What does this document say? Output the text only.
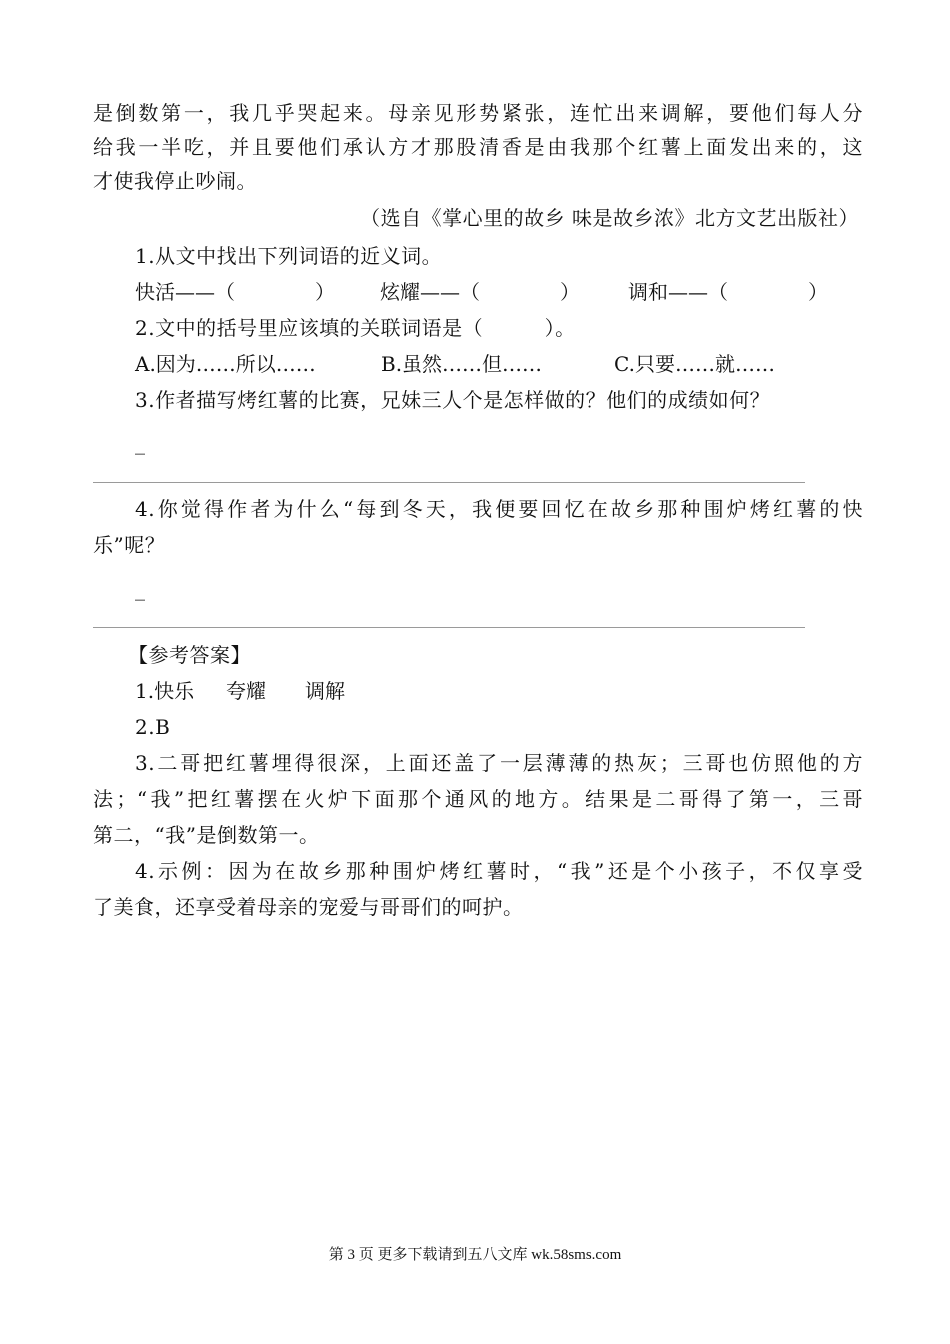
是倒数第一，我几乎哭起来。母亲见形势紧张，连忙出来调解，要他们每人分
给我一半吃，并且要他们承认方才那股清香是由我那个红薯上面发出来的，这
才使我停止吵闹。
（选自《掌心里的故乡 味是故乡浓》北方文艺出版社）
1.从文中找出下列词语的近义词。
快活——（　　　　） 炫耀——（　　　　） 调和——（　　　　）
2.文中的括号里应该填的关联词语是（　　　）。
A.因为……所以……	B.虽然……但……	C.只要……就……
3.作者描写烤红薯的比赛，兄妹三人个是怎样做的？他们的成绩如何？
_
4.你觉得作者为什么“每到冬天，我便要回忆在故乡那种围炉烤红薯的快
乐”呢？
_
【参考答案】
1.快乐 夸耀 调解
2.B
3.二哥把红薯埋得很深，上面还盖了一层薄薄的热灰；三哥也仿照他的方
法；“我”把红薯摆在火炉下面那个通风的地方。结果是二哥得了第一，三哥
第二，“我”是倒数第一。
4.示例：因为在故乡那种围炉烤红薯时，“我”还是个小孩子，不仅享受
了美食，还享受着母亲的宠爱与哥哥们的呵护。
第 3 页 更多下载请到五八文库 wk.58sms.com
